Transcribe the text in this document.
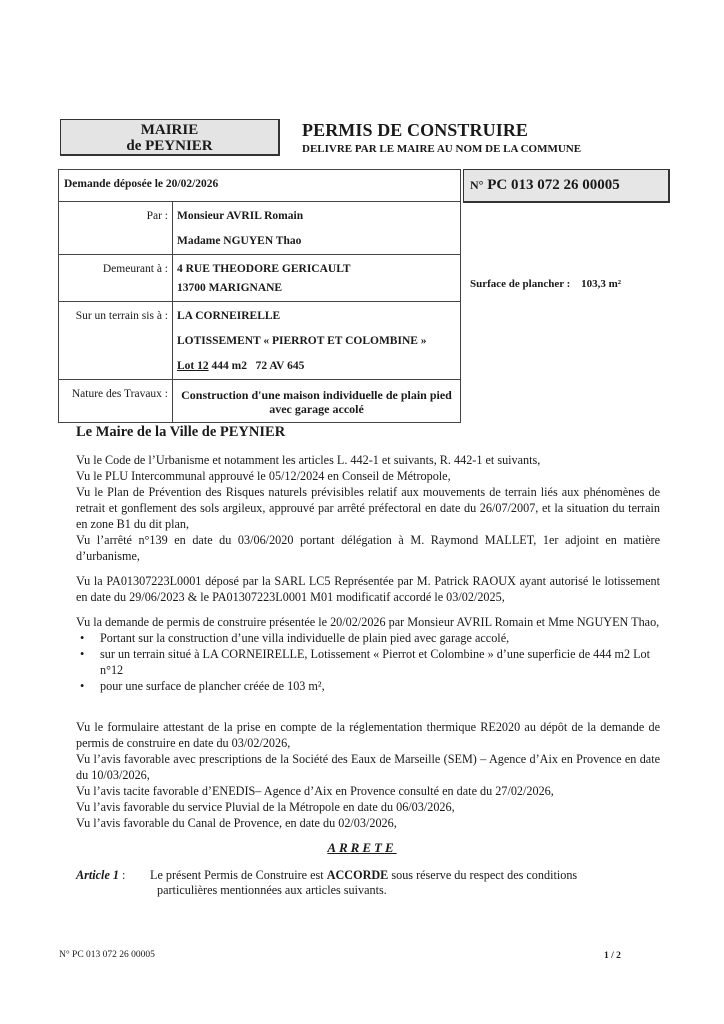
MAIRIE
de PEYNIER
PERMIS DE CONSTRUIRE
DELIVRE PAR LE MAIRE AU NOM DE LA COMMUNE
Demande déposée le 20/02/2026	
Par :	Monsieur AVRIL Romain
Madame NGUYEN Thao

Demeurant à :	4 RUE THEODORE GERICAULT
13700 MARIGNANE

Sur un terrain sis à :	LA CORNEIRELLE
LOTISSEMENT « PIERROT ET COLOMBINE »
Lot 12 444 m2   72 AV 645

Nature des Travaux :	Construction d'une maison individuelle de plain pied
avec garage accolé
N° PC 013 072 26 00005
Surface de plancher : 103,3 m²
Le Maire de la Ville de PEYNIER

Vu le Code de l’Urbanisme et notamment les articles L. 442-1 et suivants, R. 442-1 et suivants,

Vu le PLU Intercommunal approuvé le 05/12/2024 en Conseil de Métropole,

Vu le Plan de Prévention des Risques naturels prévisibles relatif aux mouvements de terrain liés aux phénomènes de retrait et gonflement des sols argileux, approuvé par arrêté préfectoral en date du 26/07/2007, et la situation du terrain en zone B1 du dit plan,

Vu l’arrêté n°139 en date du 03/06/2020 portant délégation à M. Raymond MALLET, 1er adjoint en matière d’urbanisme,

Vu la PA01307223L0001 déposé par la SARL LC5 Représentée par M. Patrick RAOUX ayant autorisé le lotissement en date du 29/06/2023 & le PA01307223L0001 M01 modificatif accordé le 03/02/2025,

Vu la demande de permis de construire présentée le 20/02/2026 par Monsieur AVRIL Romain et Mme NGUYEN Thao,

• Portant sur la construction d’une villa individuelle de plain pied avec garage accolé,
• sur un terrain situé à LA CORNEIRELLE, Lotissement « Pierrot et Colombine » d’une superficie de 444 m2 Lot n°12
• pour une surface de plancher créée de 103 m²,

Vu le formulaire attestant de la prise en compte de la réglementation thermique RE2020 au dépôt de la demande de permis de construire en date du 03/02/2026,

Vu l’avis favorable avec prescriptions de la Société des Eaux de Marseille (SEM) – Agence d’Aix en Provence en date du 10/03/2026,

Vu l’avis tacite favorable d’ENEDIS– Agence d’Aix en Provence consulté en date du 27/02/2026,

Vu l’avis favorable du service Pluvial de la Métropole en date du 06/03/2026,

Vu l’avis favorable du Canal de Provence, en date du 02/03/2026,

ARRETE
Article 1 : Le présent Permis de Construire est ACCORDE sous réserve du respect des conditions
particulières mentionnées aux articles suivants.
N° PC 013 072 26 00005	1 / 2
